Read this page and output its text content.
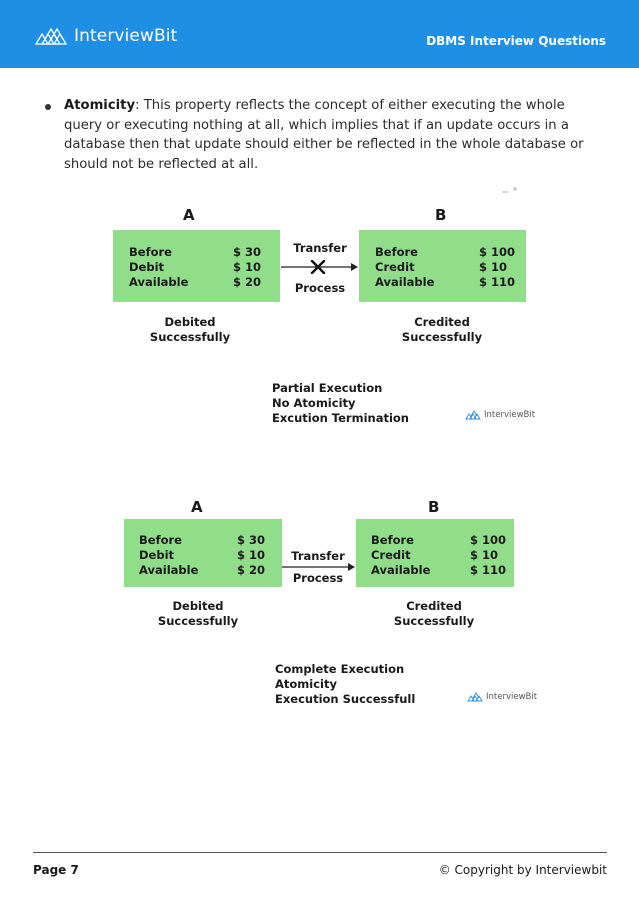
InterviewBit	DBMS Interview Questions

Atomicity: This property reflects the concept of either executing the whole query or executing nothing at all, which implies that if an update occurs in a database then that update should either be reflected in the whole database or should not be reflected at all.

A	B
Before	$ 30
Debit	$ 10
Available	$ 20
Before	$ 100
Credit	$ 10
Available	$ 110
Transfer
Process
Debited
Successfully
Credited
Successfully
Partial Execution
No Atomicity
Excution Termination	InterviewBit
A	B
Before	$ 30
Debit	$ 10
Available	$ 20
Before	$ 100
Credit	$ 10
Available	$ 110
Transfer
Process
Debited
Successfully
Credited
Successfully
Complete Execution
Atomicity
Execution Successfull	InterviewBit
Page 7	© Copyright by Interviewbit
